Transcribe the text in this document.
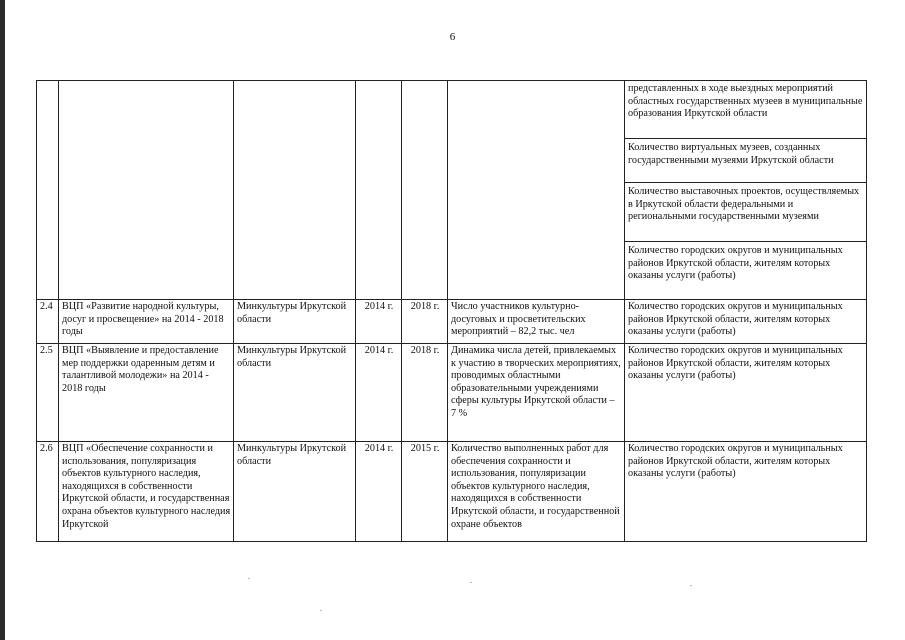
6

						представленных в ходе выездных мероприятий областных государственных музеев в муниципальные образования Иркутской области
Количество виртуальных музеев, созданных государственными музеями Иркутской области
Количество выставочных проектов, осуществляемых в Иркутской области федеральными и региональными государственными музеями
Количество городских округов и муниципальных районов Иркутской области, жителям которых оказаны услуги (работы)

2.4	ВЦП «Развитие народной культуры, досуг и просвещение» на 2014 - 2018 годы	Минкультуры Иркутской области	2014 г.	2018 г.	Число участников культурно-досуговых и просветительских мероприятий – 82,2 тыс. чел	Количество городских округов и муниципальных районов Иркутской области, жителям которых оказаны услуги (работы)
2.5	ВЦП «Выявление и предоставление мер поддержки одаренным детям и талантливой молодежи» на 2014 - 2018 годы	Минкультуры Иркутской области	2014 г.	2018 г.	Динамика числа детей, привлекаемых к участию в творческих мероприятиях, проводимых областными образовательными учреждениями сферы культуры Иркутской области – 7 %	Количество городских округов и муниципальных районов Иркутской области, жителям которых оказаны услуги (работы)
2.6	ВЦП «Обеспечение сохранности и использования, популяризация объектов культурного наследия, находящихся в собственности Иркутской области, и государственная охрана объектов культурного наследия Иркутской	Минкультуры Иркутской области	2014 г.	2015 г.	Количество выполненных работ для обеспечения сохранности и использования, популяризации объектов культурного наследия, находящихся в собственности Иркутской области, и государственной охране объектов	Количество городских округов и муниципальных районов Иркутской области, жителям которых оказаны услуги (работы)
